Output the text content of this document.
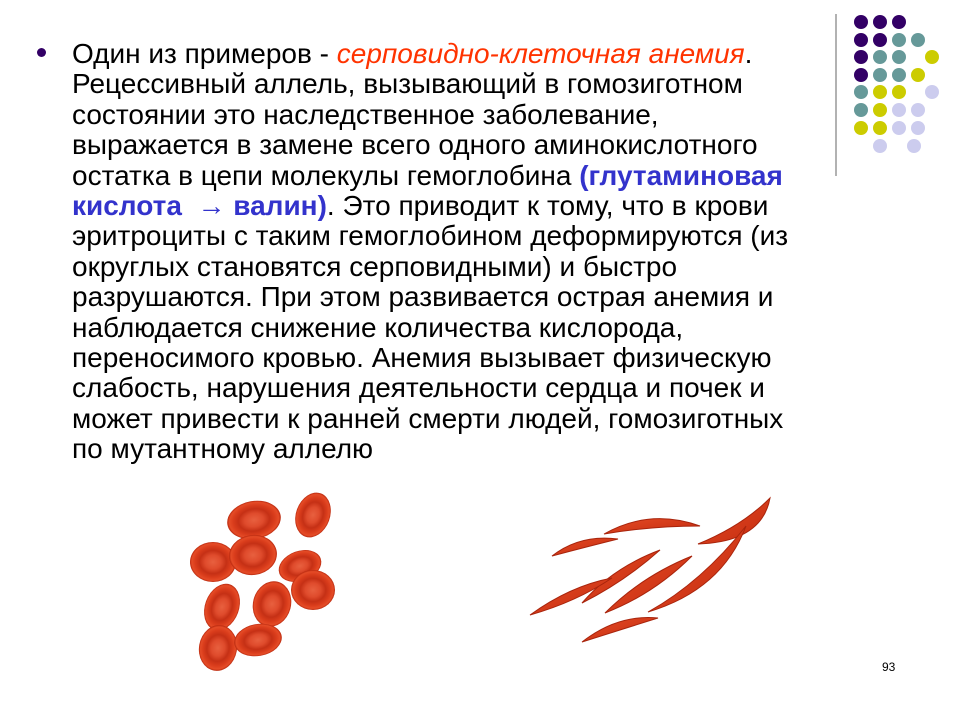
Один из примеров - серповидно-клеточная анемия.
Рецессивный аллель, вызывающий в гомозиготном
состоянии это наследственное заболевание,
выражается в замене всего одного аминокислотного
остатка в цепи молекулы гемоглобина (глутаминовая
кислота  → валин). Это приводит к тому, что в крови
эритроциты с таким гемоглобином деформируются (из
округлых становятся серповидными) и быстро
разрушаются. При этом развивается острая анемия и
наблюдается снижение количества кислорода,
переносимого кровью. Анемия вызывает физическую
слабость, нарушения деятельности сердца и почек и
может привести к ранней смерти людей, гомозиготных
по мутантному аллелю
93
